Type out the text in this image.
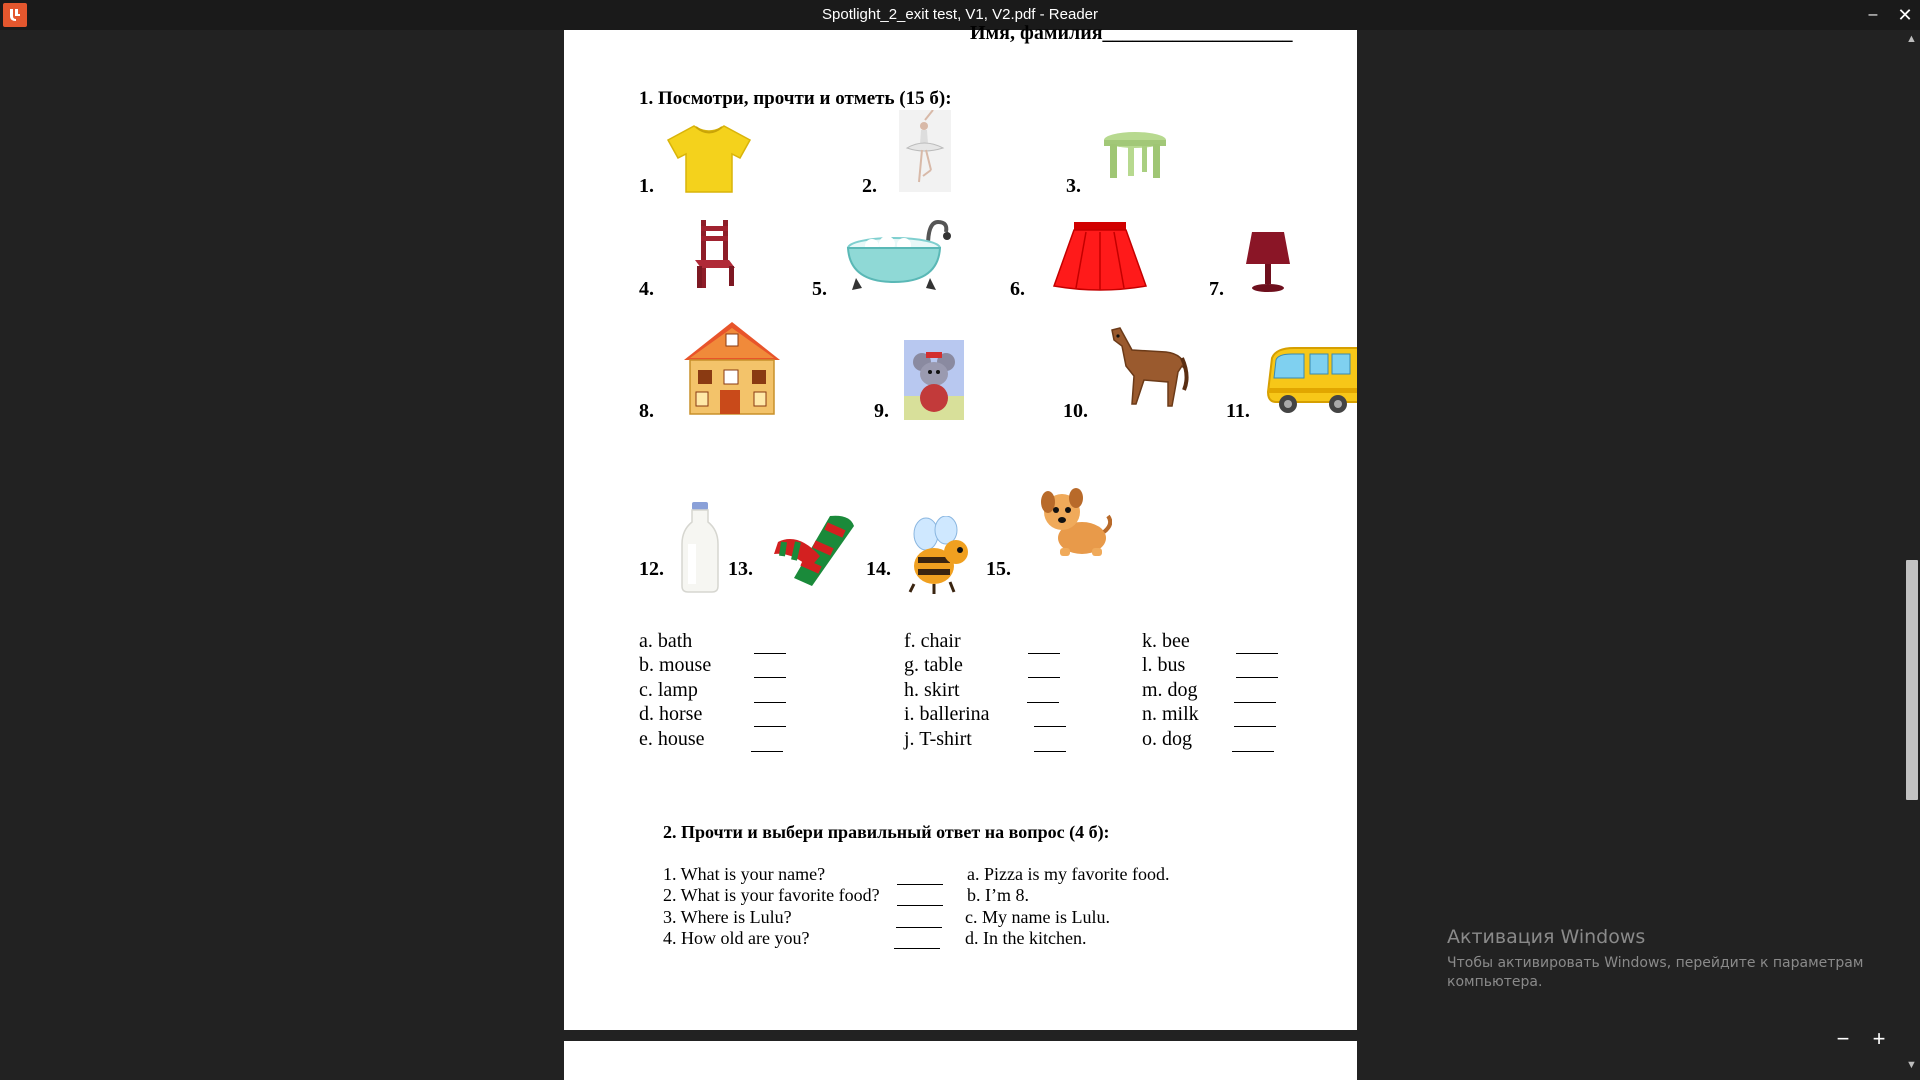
Spotlight_2_exit test, V1, V2.pdf - Reader	–	✕
Имя, фамилия___________________
1. Посмотри, прочти и отметь (15 б):
1.	2.	3.
4.	5.	6.	7.
8.	9.	10.	11.
12.	13.	14.	15.
a. bath
b. mouse
c. lamp
d. horse
e. house
f. chair
g. table
h. skirt
i. ballerina
j. T-shirt
k. bee
l. bus
m. dog
n. milk
o. dog
2. Прочти и выбери правильный ответ на вопрос (4 б):
1. What is your name?
2. What is your favorite food?
3. Where is Lulu?
4. How old are you?
a. Pizza is my favorite food.
b. I’m 8.
c. My name is Lulu.
d. In the kitchen.
▲
▼
Активация Windows
Чтобы активировать Windows, перейдите к параметрам компьютера.
−	+
